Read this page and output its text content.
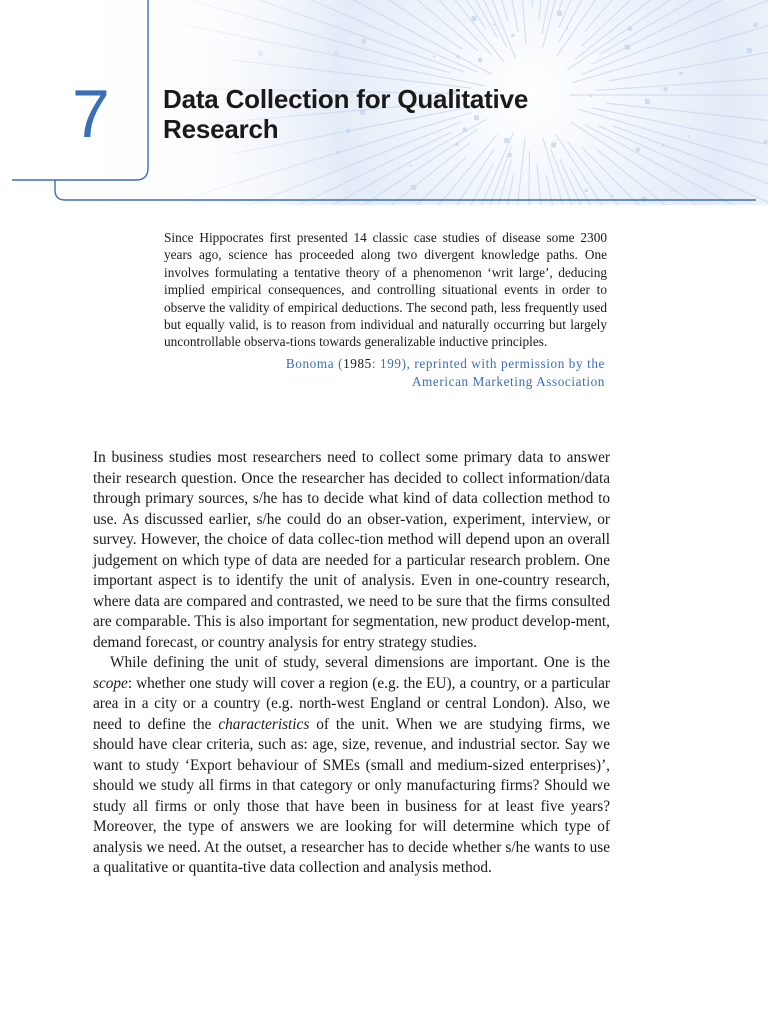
7	Data Collection for Qualitative Research

Since Hippocrates first presented 14 classic case studies of disease some 2300 years ago, science has proceeded along two divergent knowledge paths. One involves formulating a tentative theory of a phenomenon ‘writ large’, deducing implied empirical consequences, and controlling situational events in order to observe the validity of empirical deductions. The second path, less frequently used but equally valid, is to reason from individual and naturally occurring but largely uncontrollable observa-tions towards generalizable inductive principles.

Bonoma (1985: 199), reprinted with permission by the
American Marketing Association

In business studies most researchers need to collect some primary data to answer their research question. Once the researcher has decided to collect information/data through primary sources, s/he has to decide what kind of data collection method to use. As discussed earlier, s/he could do an obser-vation, experiment, interview, or survey. However, the choice of data collec-tion method will depend upon an overall judgement on which type of data are needed for a particular research problem. One important aspect is to identify the unit of analysis. Even in one-country research, where data are compared and contrasted, we need to be sure that the firms consulted are comparable. This is also important for segmentation, new product develop-ment, demand forecast, or country analysis for entry strategy studies.

While defining the unit of study, several dimensions are important. One is the scope: whether one study will cover a region (e.g. the EU), a country, or a particular area in a city or a country (e.g. north-west England or central London). Also, we need to define the characteristics of the unit. When we are studying firms, we should have clear criteria, such as: age, size, revenue, and industrial sector. Say we want to study ‘Export behaviour of SMEs (small and medium-sized enterprises)’, should we study all firms in that category or only manufacturing firms? Should we study all firms or only those that have been in business for at least five years? Moreover, the type of answers we are looking for will determine which type of analysis we need. At the outset, a researcher has to decide whether s/he wants to use a qualitative or quantita-tive data collection and analysis method.
